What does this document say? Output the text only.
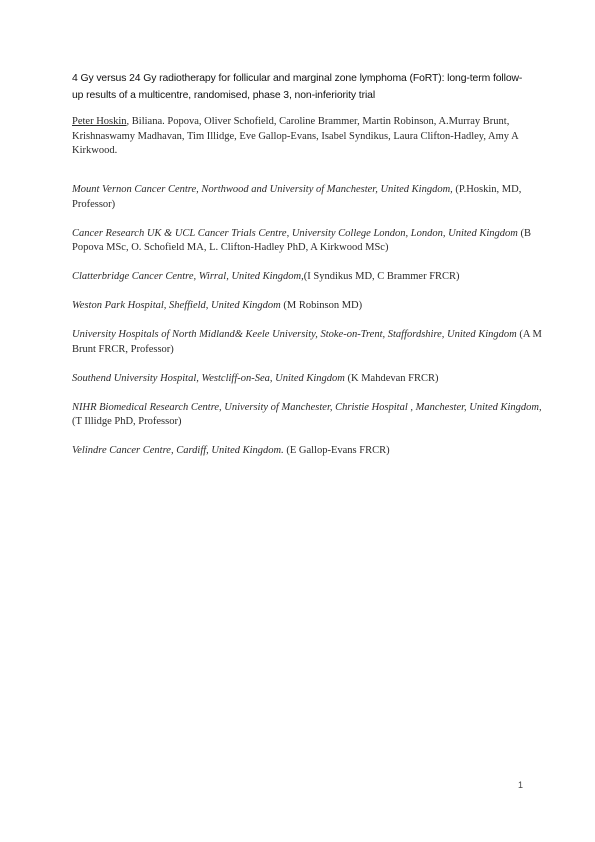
4 Gy versus 24 Gy radiotherapy for follicular and marginal zone lymphoma (FoRT): long-term follow-up results of a multicentre, randomised, phase 3, non-inferiority trial
Peter Hoskin, Biliana. Popova, Oliver Schofield, Caroline Brammer, Martin Robinson, A.Murray Brunt, Krishnaswamy Madhavan, Tim Illidge, Eve Gallop-Evans, Isabel Syndikus, Laura Clifton-Hadley, Amy A Kirkwood.

Mount Vernon Cancer Centre, Northwood and University of Manchester, United Kingdom, (P.Hoskin, MD, Professor)

Cancer Research UK & UCL Cancer Trials Centre, University College London, London, United Kingdom (B Popova MSc, O. Schofield MA, L. Clifton-Hadley PhD, A Kirkwood MSc)

Clatterbridge Cancer Centre, Wirral, United Kingdom,(I Syndikus MD, C Brammer FRCR)

Weston Park Hospital, Sheffield, United Kingdom (M Robinson MD)

University Hospitals of North Midland& Keele University, Stoke-on-Trent, Staffordshire, United Kingdom (A M Brunt FRCR, Professor)

Southend University Hospital, Westcliff-on-Sea, United Kingdom (K Mahdevan FRCR)

NIHR Biomedical Research Centre, University of Manchester, Christie Hospital , Manchester, United Kingdom, (T Illidge PhD, Professor)

Velindre Cancer Centre, Cardiff, United Kingdom. (E Gallop-Evans FRCR)

1
